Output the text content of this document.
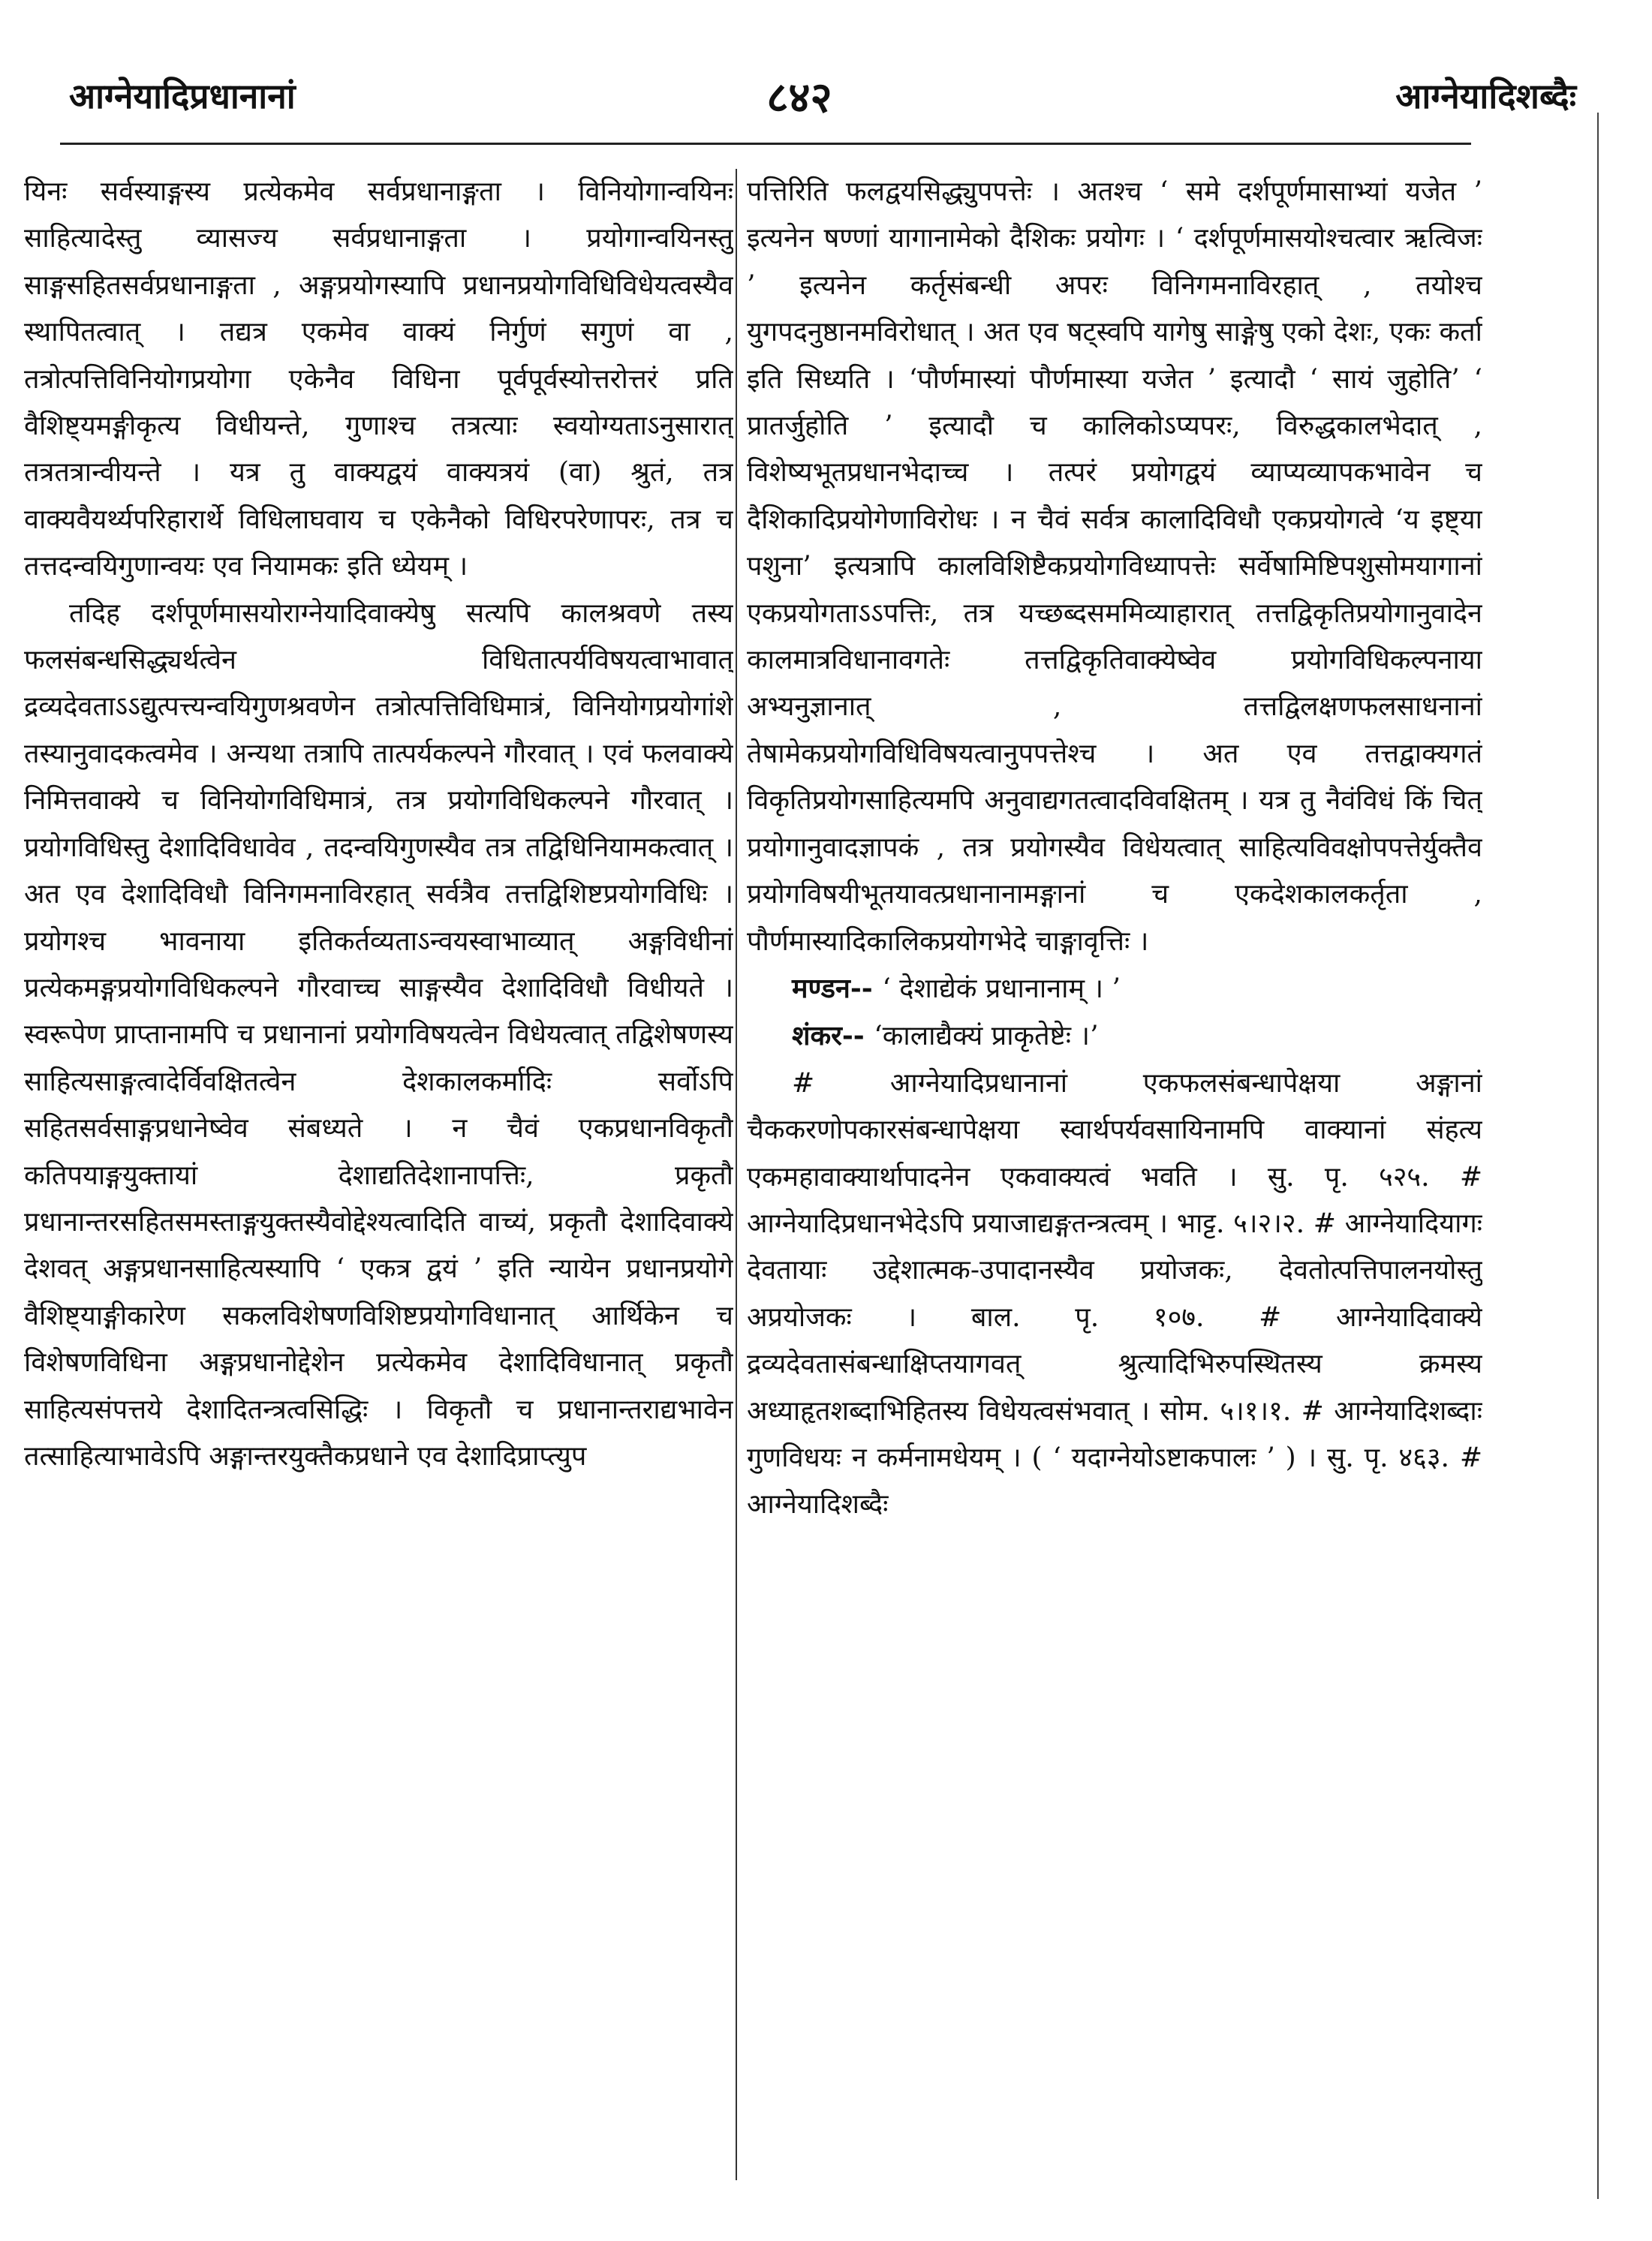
आग्नेयादिप्रधानानां	८४२	आग्नेयादिशब्दैः

यिनः सर्वस्याङ्गस्य प्रत्येकमेव सर्वप्रधानाङ्गता । विनियोगान्वयिनः साहित्यादेस्तु व्यासज्य सर्वप्रधानाङ्गता । प्रयोगान्वयिनस्तु साङ्गसहितसर्वप्रधानाङ्गता , अङ्गप्रयोगस्यापि प्रधानप्रयोगविधिविधेयत्वस्यैव स्थापितत्वात् । तद्यत्र एकमेव वाक्यं निर्गुणं सगुणं वा , तत्रोत्पत्तिविनियोगप्रयोगा एकेनैव विधिना पूर्वपूर्वस्योत्तरोत्तरं प्रति वैशिष्ट्यमङ्गीकृत्य विधीयन्ते, गुणाश्च तत्रत्याः स्वयोग्यताऽनुसारात् तत्रतत्रान्वीयन्ते । यत्र तु वाक्यद्वयं वाक्यत्रयं (वा) श्रुतं, तत्र वाक्यवैयर्थ्यपरिहारार्थे विधिलाघवाय च एकेनैको विधिरपरेणापरः, तत्र च तत्तदन्वयिगुणान्वयः एव नियामकः इति ध्येयम् ।

तदिह दर्शपूर्णमासयोराग्नेयादिवाक्येषु सत्यपि कालश्रवणे तस्य फलसंबन्धसिद्ध्यर्थत्वेन विधितात्पर्यविषयत्वाभावात् द्रव्यदेवताऽऽद्युत्पत्त्यन्वयिगुणश्रवणेन तत्रोत्पत्तिविधिमात्रं, विनियोगप्रयोगांशे तस्यानुवादकत्वमेव । अन्यथा तत्रापि तात्पर्यकल्पने गौरवात् । एवं फलवाक्ये निमित्तवाक्ये च विनियोगविधिमात्रं, तत्र प्रयोगविधिकल्पने गौरवात् । प्रयोगविधिस्तु देशादिविधावेव , तदन्वयिगुणस्यैव तत्र तद्विधिनियामकत्वात् । अत एव देशादिविधौ विनिगमनाविरहात् सर्वत्रैव तत्तद्विशिष्टप्रयोगविधिः । प्रयोगश्च भावनाया इतिकर्तव्यताऽन्वयस्वाभाव्यात् अङ्गविधीनां प्रत्येकमङ्गप्रयोगविधिकल्पने गौरवाच्च साङ्गस्यैव देशादिविधौ विधीयते । स्वरूपेण प्राप्तानामपि च प्रधानानां प्रयोगविषयत्वेन विधेयत्वात् तद्विशेषणस्य साहित्यसाङ्गत्वादेर्विवक्षितत्वेन देशकालकर्मादिः सर्वोऽपि सहितसर्वसाङ्गप्रधानेष्वेव संबध्यते । न चैवं एकप्रधानविकृतौ कतिपयाङ्गयुक्तायां देशाद्यतिदेशानापत्तिः, प्रकृतौ प्रधानान्तरसहितसमस्ताङ्गयुक्तस्यैवोद्देश्यत्वादिति वाच्यं, प्रकृतौ देशादिवाक्ये देशवत् अङ्गप्रधानसाहित्यस्यापि ‘ एकत्र द्वयं ’ इति न्यायेन प्रधानप्रयोगे वैशिष्ट्याङ्गीकारेण सकलविशेषणविशिष्टप्रयोगविधानात् आर्थिकेन च विशेषणविधिना अङ्गप्रधानोद्देशेन प्रत्येकमेव देशादिविधानात् प्रकृतौ साहित्यसंपत्तये देशादितन्त्रत्वसिद्धिः । विकृतौ च प्रधानान्तराद्यभावेन तत्साहित्याभावेऽपि अङ्गान्तरयुक्तैकप्रधाने एव देशादिप्राप्त्युप

पत्तिरिति फलद्वयसिद्ध्युपपत्तेः । अतश्च ‘ समे दर्शपूर्णमासाभ्यां यजेत ’ इत्यनेन षण्णां यागानामेको दैशिकः प्रयोगः । ‘ दर्शपूर्णमासयोश्चत्वार ऋत्विजः ’ इत्यनेन कर्तृसंबन्धी अपरः विनिगमनाविरहात् , तयोश्च युगपदनुष्ठानमविरोधात् । अत एव षट्स्वपि यागेषु साङ्गेषु एको देशः, एकः कर्ता इति सिध्यति । ‘पौर्णमास्यां पौर्णमास्या यजेत ’ इत्यादौ ‘ सायं जुहोति’ ‘ प्रातर्जुहोति ’ इत्यादौ च कालिकोऽप्यपरः, विरुद्धकालभेदात् , विशेष्यभूतप्रधानभेदाच्च । तत्परं प्रयोगद्वयं व्याप्यव्यापकभावेन च दैशिकादिप्रयोगेणाविरोधः । न चैवं सर्वत्र कालादिविधौ एकप्रयोगत्वे ‘य इष्ट्या पशुना’ इत्यत्रापि कालविशिष्टैकप्रयोगविध्यापत्तेः सर्वेषामिष्टिपशुसोमयागानां एकप्रयोगताऽऽपत्तिः, तत्र यच्छब्दसममिव्याहारात् तत्तद्विकृतिप्रयोगानुवादेन कालमात्रविधानावगतेः तत्तद्विकृतिवाक्येष्वेव प्रयोगविधिकल्पनाया अभ्यनुज्ञानात् , तत्तद्विलक्षणफलसाधनानां तेषामेकप्रयोगविधिविषयत्वानुपपत्तेश्च । अत एव तत्तद्वाक्यगतं विकृतिप्रयोगसाहित्यमपि अनुवाद्यगतत्वादविवक्षितम् । यत्र तु नैवंविधं किं चित् प्रयोगानुवादज्ञापकं , तत्र प्रयोगस्यैव विधेयत्वात् साहित्यविवक्षोपपत्तेर्युक्तैव प्रयोगविषयीभूतयावत्प्रधानानामङ्गानां च एकदेशकालकर्तृता , पौर्णमास्यादिकालिकप्रयोगभेदे चाङ्गावृत्तिः ।

मण्डन-- ‘ देशाद्येकं प्रधानानाम् । ’

शंकर-- ‘कालाद्यैक्यं प्राकृतेष्टेः ।’

# आग्नेयादिप्रधानानां एकफलसंबन्धापेक्षया अङ्गानां चैककरणोपकारसंबन्धापेक्षया स्वार्थपर्यवसायिनामपि वाक्यानां संहत्य एकमहावाक्यार्थापादनेन एकवाक्यत्वं भवति । सु. पृ. ५२५. # आग्नेयादिप्रधानभेदेऽपि प्रयाजाद्यङ्गतन्त्रत्वम् । भाट्ट. ५।२।२. # आग्नेयादियागः देवतायाः उद्देशात्मक-उपादानस्यैव प्रयोजकः, देवतोत्पत्तिपालनयोस्तु अप्रयोजकः । बाल. पृ. १०७. # आग्नेयादिवाक्ये द्रव्यदेवतासंबन्धाक्षिप्तयागवत् श्रुत्यादिभिरुपस्थितस्य क्रमस्य अध्याहृतशब्दाभिहितस्य विधेयत्वसंभवात् । सोम. ५।१।१. # आग्नेयादिशब्दाः गुणविधयः न कर्मनामधेयम् । ( ‘ यदाग्नेयोऽष्टाकपालः ’ ) । सु. पृ. ४६३. # आग्नेयादिशब्दैः
